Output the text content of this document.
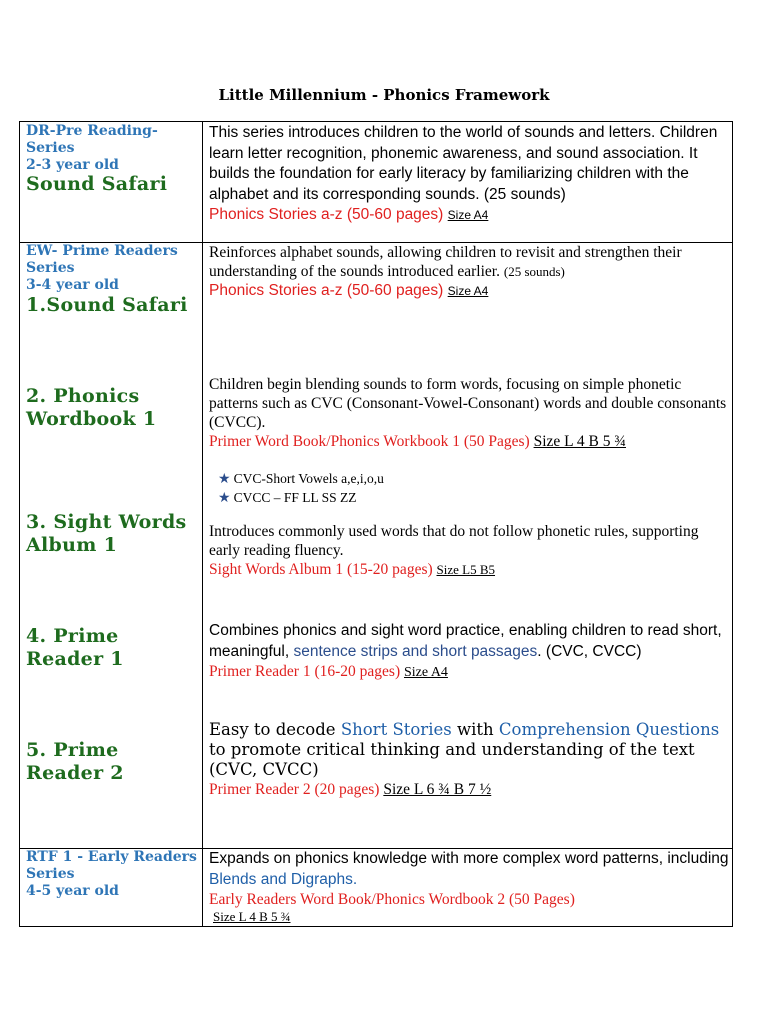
Little Millennium - Phonics Framework
DR-Pre Reading-Series
2-3 year old
Sound Safari
This series introduces children to the world of sounds and letters. Children learn letter recognition, phonemic awareness, and sound association. It builds the foundation for early literacy by familiarizing children with the alphabet and its corresponding sounds. (25 sounds)
Phonics Stories a-z (50-60 pages) Size A4
EW- Prime Readers Series
3-4 year old
1.Sound Safari
Reinforces alphabet sounds, allowing children to revisit and strengthen their understanding of the sounds introduced earlier. (25 sounds)
Phonics Stories a-z (50-60 pages) Size A4
2. Phonics Wordbook 1
Children begin blending sounds to form words, focusing on simple phonetic patterns such as CVC (Consonant-Vowel-Consonant) words and double consonants (CVCC).
Primer Word Book/Phonics Workbook 1 (50 Pages) Size L 4 B 5 ¾
★ CVC-Short Vowels a,e,i,o,u
★ CVCC – FF LL SS ZZ
3. Sight Words Album 1
Introduces commonly used words that do not follow phonetic rules, supporting early reading fluency.
Sight Words Album 1 (15-20 pages) Size L5 B5
4. Prime Reader 1
Combines phonics and sight word practice, enabling children to read short, meaningful, sentence strips and short passages. (CVC, CVCC)
Primer Reader 1 (16-20 pages) Size A4
5. Prime Reader 2
Easy to decode Short Stories with Comprehension Questions to promote critical thinking and understanding of the text (CVC, CVCC)
Primer Reader 2 (20 pages) Size L 6 ¾ B 7 ½
RTF 1 - Early Readers Series
4-5 year old
Expands on phonics knowledge with more complex word patterns, including Blends and Digraphs.
Early Readers Word Book/Phonics Wordbook 2 (50 Pages)
Size L 4 B 5 ¾
